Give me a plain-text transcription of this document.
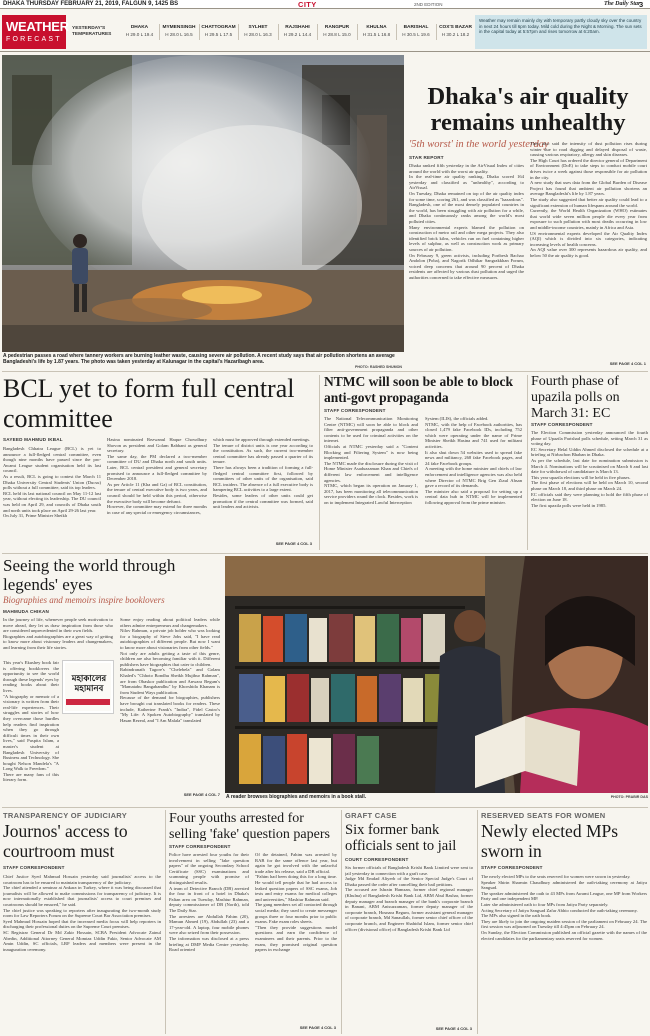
DHAKA THURSDAY FEBRUARY 21, 2019, FALGUN 9, 1425 BS	CITY	2ND EDITION	The Daily Star
3
WEATHER
FORECAST
YESTERDAY'S TEMPERATURES
DHAKA
H 29.0 L 19.4
MYMENSINGH
H 28.0 L 16.5
CHATTOGRAM
H 29.5 L 17.5
SYLHET
H 28.0 L 16.3
RAJSHAHI
H 29.2 L 14.4
RANGPUR
H 28.8 L 15.0
KHULNA
H 31.5 L 16.8
BARISHAL
H 30.5 L 19.6
COX'S BAZAR
H 30.2 L 18.2
Weather may remain mainly dry with temporary partly cloudy sky over the country in next 24 hours till 6pm today. Mild cold during the Night & Morning. The sun sets in the capital today at 5:57pm and rises tomorrow at 6:20am.
A pedestrian passes a road where tannery workers are burning leather waste, causing severe air pollution. A recent study says that air pollution shortens an average Bangladeshi's life by 1.87 years. The photo was taken yesterday at Kalunagar in the capital's Hazaribagh area.
PHOTO: RASHED SHUMON
Dhaka's air quality remains unhealthy
'5th worst' in the world yesterday
STAR REPORT
Dhaka ranked fifth yesterday in the AirVisual Index of cities around the world with the worst air quality.
In the real-time air quality ranking, Dhaka scored 164 yesterday and classified as "unhealthy", according to AirVisual.
On Tuesday, Dhaka remained on top of the air quality index for some time, scoring 261, and was classified as "hazardous".
Bangladesh, one of the most densely populated countries in the world, has been struggling with air pollution for a while, and Dhaka continuously ranks among the world's most polluted cities.
Many environmental experts blamed the pollution on construction of metro rail and other mega projects. They also identified brick kilns, vehicles run on fuel containing higher levels of sulphur, as well as construction work as primary sources of air pollution.
On February 9, green activists, including Poribesh Bachao Andolon (Poba), and Nagorik Odhikar Sangrakkhan Forum, voiced deep concerns that around 90 percent of Dhaka residents are affected by various dust pollution and urged the authorities concerned to take effective measures.
They also said the intensity of dust pollution rises during winter due to road digging and delayed disposal of waste, causing various respiratory, allergy and skin diseases.
The High Court has ordered the director general of Department of Environment (DoE) to take steps to conduct mobile court drives twice a week against those responsible for air pollution in the city.
A new study that uses data from the Global Burden of Disease Project has found that ambient air pollution shortens an average Bangladeshi's life by 1.87 years.
The study also suggested that better air quality could lead to a significant extension of human lifespans around the world.
Currently, the World Health Organization (WHO) estimates that world wide seven million people die every year from exposure to such pollution with most deaths occurring in low and middle-income countries, mainly in Africa and Asia.
US environmental experts developed the Air Quality Index (AQI) which is divided into six categories, indicating increasing levels of health concerns.
An AQI value over 300 represents hazardous air quality, and below 50 the air quality is good.
SEE PAGE 4 COL 1
BCL yet to form full central committee
SAYEED MAHMUD IKBAL
Bangladesh Chhatra League (BCL) is yet to announce a full-fledged central committee, even though nine months have passed since the pro-Awami League student organisation held its last council.
As a result, BCL is going to contest the March 11 Dhaka University Central Students' Union (Ducsu) polls without a full committee, said its top leaders.
BCL held its last national council on May 11-12 last year, without electing its leadership. The DU council was held on April 29, and councils of Dhaka south and north units took place on April 29-26 last year.
On July 31, Prime Minister Sheikh
Hasina nominated Rezwanul Haque Chowdhury Shovon as president and Golam Rabbani as general secretary.
The same day, the PM declared a two-member committee of DU and Dhaka north and south units. Later, BCL central president and general secretary promised to announce a full-fledged committee by December 2018.
As per Article 11 (Kha and Ga) of BCL constitution, the tenure of central executive body is two years, and council should be held within this period, otherwise the executive body will become defunct.
However, the committee may extend for three months in case of any special or emergency circumstances,
which must be approved through extended meetings.
The tenure of district units is one year according to the constitution. As such, the current two-member central committee has already passed a quarter of its tenure.
There has always been a tradition of forming a full-fledged central committee first, followed by committees of other units of the organisation, said BCL insiders. The absence of a full executive body is hampering BCL activities to a large extent.
Besides, some leaders of other units could get promotion if the central committee was formed, said unit leaders and activists.
SEE PAGE 4 COL 3
NTMC will soon be able to block anti-govt propaganda
STAFF CORRESPONDENT
The National Telecommunication Monitoring Centre (NTMC) will soon be able to block and filter anti-government propaganda and other contents to be used for criminal activities on the internet.
Officials at NTMC yesterday said a "Content Blocking and Filtering System" is now being implemented.
The NTMC made the disclosure during the visit of Home Minister Asaduzzaman Khan and Chiefs of different law enforcement and intelligence agencies.
NTMC, which began its operation on January 1, 2017, has been monitoring all telecommunication service providers round the clock. Besides, work is on to implement Integrated Lawful Interception
System (ILIS), the officials added.
NTMC, with the help of Facebook authorities, has closed 1,479 fake Facebook IDs, including 752 which were operating under the name of Prime Minister Sheikh Hasina and 741 used for militant activities.
It also shut down 54 websites used to spread fake news and militancy, 268 fake Facebook pages, and 24 fake Facebook groups.
A meeting with the home minister and chiefs of law enforcement and intelligence agencies was also held where Director of NTMC Brig Gen Ziaul Ahsan gave a record of its demands.
The minister also said a proposal for setting up a central data hub in NTMC will be implemented following approval from the prime minister.
Fourth phase of upazila polls on March 31: EC
STAFF CORRESPONDENT
The Election Commission yesterday announced the fourth phase of Upazila Parishad polls schedule, setting March 31 as voting day.
EC Secretary Helal Uddin Ahmed disclosed the schedule at a briefing at Nirbachon Bhaban in Dhaka.
As per the schedule, last date for nomination submission is March 4. Nominations will be scrutinised on March 6 and last date for withdrawal of candidature is March 13.
This year upazila elections will be held in five phases.
The first phase of elections will be held on March 10, second phase on March 18, and third phase on March 24.
EC officials said they were planning to hold the fifth phase of election on June 18.
The first upazila polls were held in 1985.
Seeing the world through legends' eyes
Biographies and memoirs inspire booklovers
MAHMUDA CHIKAN
In the journey of life, whenever people seek motivation to move ahead, they let us draw inspiration from those who are considered unprecedented in their own fields.
Biographies and autobiographies are a great way of getting to know more about visionary leaders and changemakers, and learning from their life stories.
This year's Ekushey book fair is offering booklovers the opportunity to see the world through these legends' eyes by reading books about their lives.
"A biography or memoir of a visionary is written from their real-life experiences. Their struggles and stories of how they overcame those hurdles help readers find inspiration when they go through difficult times in their own lives," said Puspita Islam, a master's student at Bangladesh University of Business and Technology. She bought Nelson Mandela's "A Long Walk to Freedom."
There are many fans of this literary form.
মহাকালের মহামানব
Some enjoy reading about political leaders while others admire entrepreneurs and changemakers.
Nilov Rahman, a private job holder who was looking for a biography of Steve Jobs said, "I have read autobiographies of different people. But now I want to know more about visionaries from other fields."
Not only are adults getting a taste of this genre, children are also becoming familiar with it. Different publishers have biographies that cater to children.
Rabindranath Tagore's "Chelebela" and Golam Khaled's "Chhoto Bondhu Sheikh Mujibur Rahman", are from Obaskor publication and Anwara Begum's "Mamatabu Bangabandhu" by Khorshida Khanam is from Student Ways publication.
Because of the demand for biographies, publishers have brought out translated books for readers. These include, Katherine Frank's "Indira", Fidel Castro's "My Life: A Spoken Autobiography" translated by Hasan Rezeal, and "I Am Malala" translated
SEE PAGE 4 COL 7 A reader browses biographies and memoirs in a book stall.	PHOTO: PRABIR DAS
TRANSPARENCY OF JUDICIARY
Journos' access to courtroom must
STAFF CORRESPONDENT
Chief Justice Syed Mahmud Hossain yesterday said journalists' access to the courtroom has to be ensured to maintain transparency of the judiciary.
The chief attended a seminar at Ankara in Turkey, where it was being discussed that journalists will be allowed to make commissions for transparency of judiciary. It is now internationally established that journalists' access to court premises and courtrooms should be ensured," he said.
The chief justice was speaking to reporters after inaugurating the two-month study room for Law Reporters Forum on the Supreme Court Bar Association premises.
Syed Mahmud Hossain hoped that the increased media focus will help reporters in discharging their professional duties on the Supreme Court premises.
SC Registrar General Dr Md Zakir Hossain, SCBA President Advocate Zainul Abedin, Additional Attorney General Momtaz Uddin Fakir, Senior Advocate AM Amin Uddin, SC officials, LRF leaders and members were present in the inauguration ceremony.
Four youths arrested for selling 'fake' question papers
STAFF CORRESPONDENT
Police have arrested four youths for their involvement in selling "fake question papers" of the ongoing Secondary School Certificate (SSC) examinations and scamming people with promise of distinguished results.
A team of Detective Branch (DB) arrested the four in front of a hotel in Dhaka's Paltan area on Tuesday, Mashiur Rahman, deputy commissioner of DB (North), told The Daily Star.
The arrestees are Abdullah Fahim (20), Mamun Ahmed (19), Abdullah (23) and a 17-year-old. A laptop, four mobile phones were also seized from their possession.
The information was disclosed at a press briefing at DMP Media Centre yesterday. Road oriented
Of the detained, Fahim was arrested by RAB for the same offence last year, but again he got involved with the unlawful trade after his release, said a DB official.
"Fahim had been doing this for a long time. He would tell people that he had access to leaked question papers of SSC exams, Job tests and entry exams for medical colleges and universities," Mashiur Rahman said.
The gang members set all contacted through social media; they used to create messenger groups three or four months prior to public exams. Fake exam roles sheets.
"Then they provide suggestions model questions and earn the confidence of examinees and their parents. Prior to the exam, they promised original question papers in exchange
SEE PAGE 4 COL 3
GRAFT CASE
Six former bank officials sent to jail
COURT CORRESPONDENT
Six former officials of Bangladesh Krishi Bank Limited were sent to jail yesterday in connection with a graft case.
Judge Md Emdad Aliyerb of the Senior Special Judge's Court of Dhaka passed the order after cancelling their bail petitions.
The accused are Ishrain Hamzan, former chief regional manager (Khulna) of Bangladesh Krishi Bank Ltd, ABM Abul Bashar, former deputy manager and branch manager of the bank's corporate branch in Banani, ABM Anisuzzaman, former deputy manager of the corporate branch, Hosnara Begum, former assistant general manager of corporate branch, Md Sanaullah, former senior chief officer of the corporate branch, and Engineer Shahidul Islam, former senior chief officer (divisional office) of Bangladesh Krishi Bank Ltd
SEE PAGE 4 COL 3
RESERVED SEATS FOR WOMEN
Newly elected MPs sworn in
STAFF CORRESPONDENT
The newly elected MPs to the seats reserved for women were sworn in yesterday.
Speaker Shirin Sharmin Chaudhury administered the oath-taking ceremony at Jatiya Sangsad.
The speaker administered the oath to 43 MPs from Awami League, one MP from Workers Party and one independent MP.
Later she administered oath to four MPs from Jatiya Party separately.
Acting Secretary of Jatiya Sangsad Zafar Abhio conducted the oath-taking ceremony.
The MPs also signed in the oath book.
They are likely to join the ongoing maiden session of the parliament on February 24. The first session was adjourned on Tuesday till 4:45pm on February 24.
On Sunday, the Election Commission published an official gazette with the names of the elected candidates for the parliamentary seats reserved for women.
